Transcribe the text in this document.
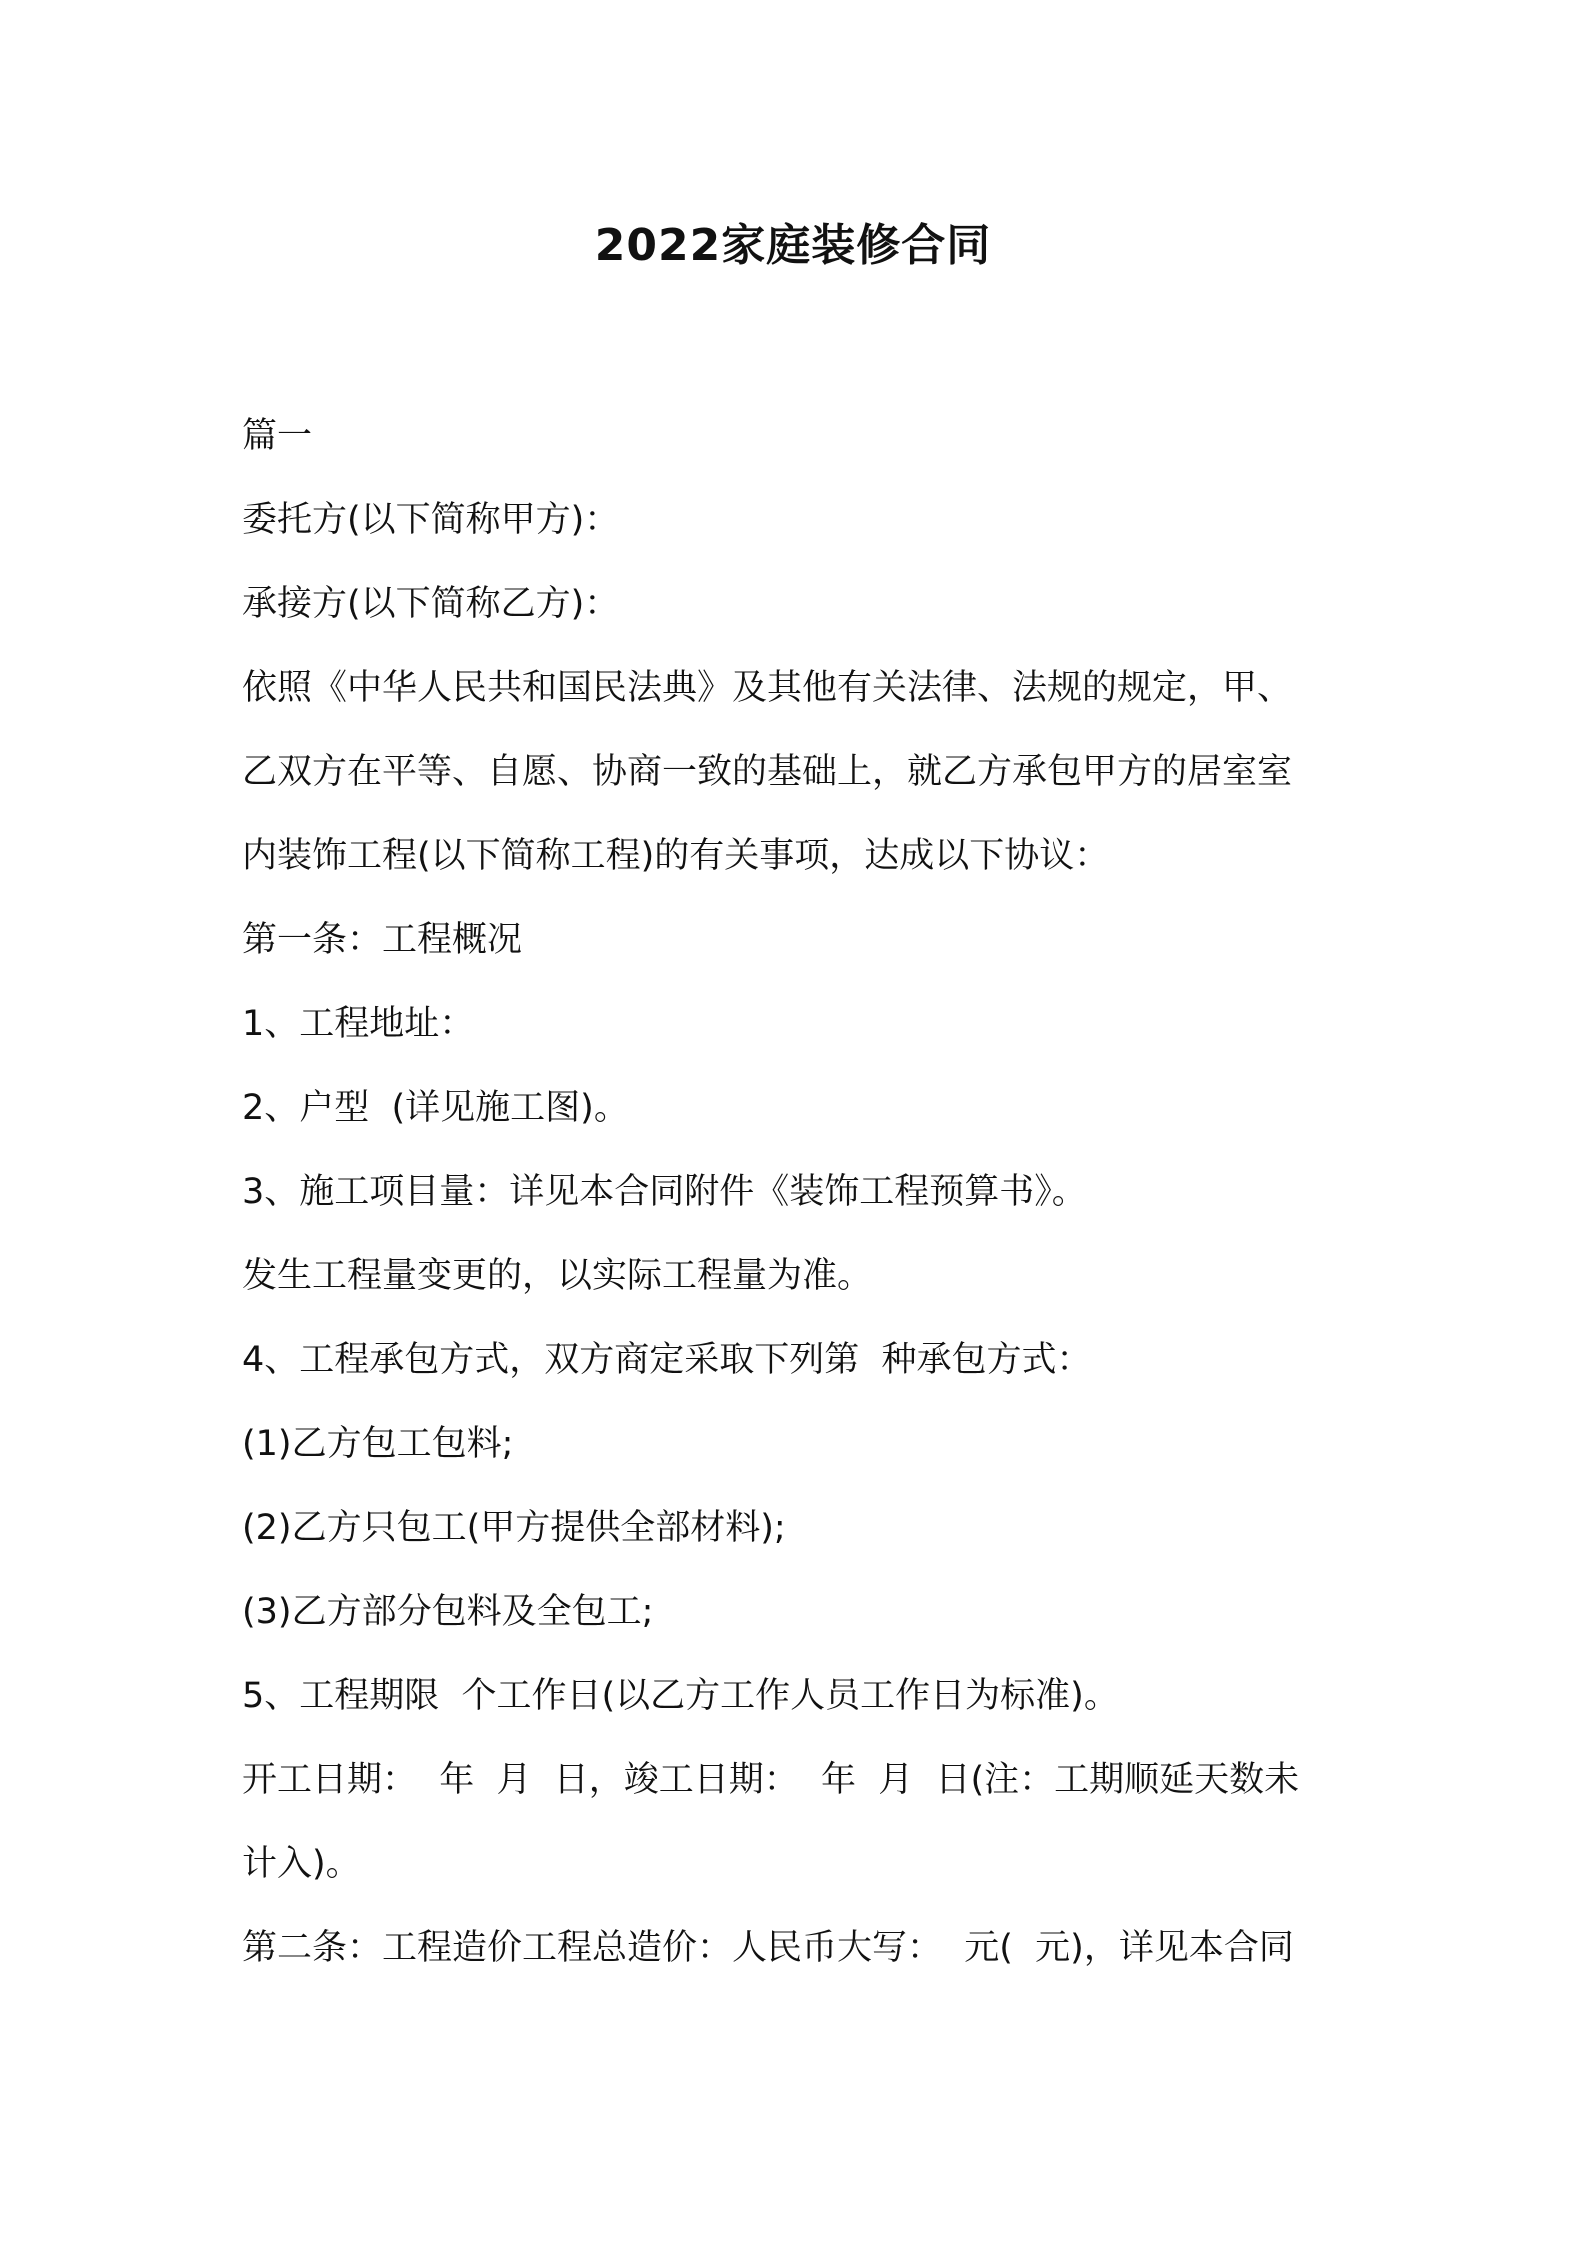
2022家庭装修合同

篇一

委托方(以下简称甲方)：

承接方(以下简称乙方)：

依照《中华人民共和国民法典》及其他有关法律、法规的规定，甲、

乙双方在平等、自愿、协商一致的基础上，就乙方承包甲方的居室室

内装饰工程(以下简称工程)的有关事项，达成以下协议：

第一条：工程概况

1、工程地址：

2、户型  (详见施工图)。

3、施工项目量：详见本合同附件《装饰工程预算书》。

发生工程量变更的，以实际工程量为准。

4、工程承包方式，双方商定采取下列第  种承包方式：

(1)乙方包工包料;

(2)乙方只包工(甲方提供全部材料);

(3)乙方部分包料及全包工;

5、工程期限  个工作日(以乙方工作人员工作日为标准)。

开工日期：  年  月  日，竣工日期：  年  月  日(注：工期顺延天数未

计入)。

第二条：工程造价工程总造价：人民币大写：  元(  元)，详见本合同
